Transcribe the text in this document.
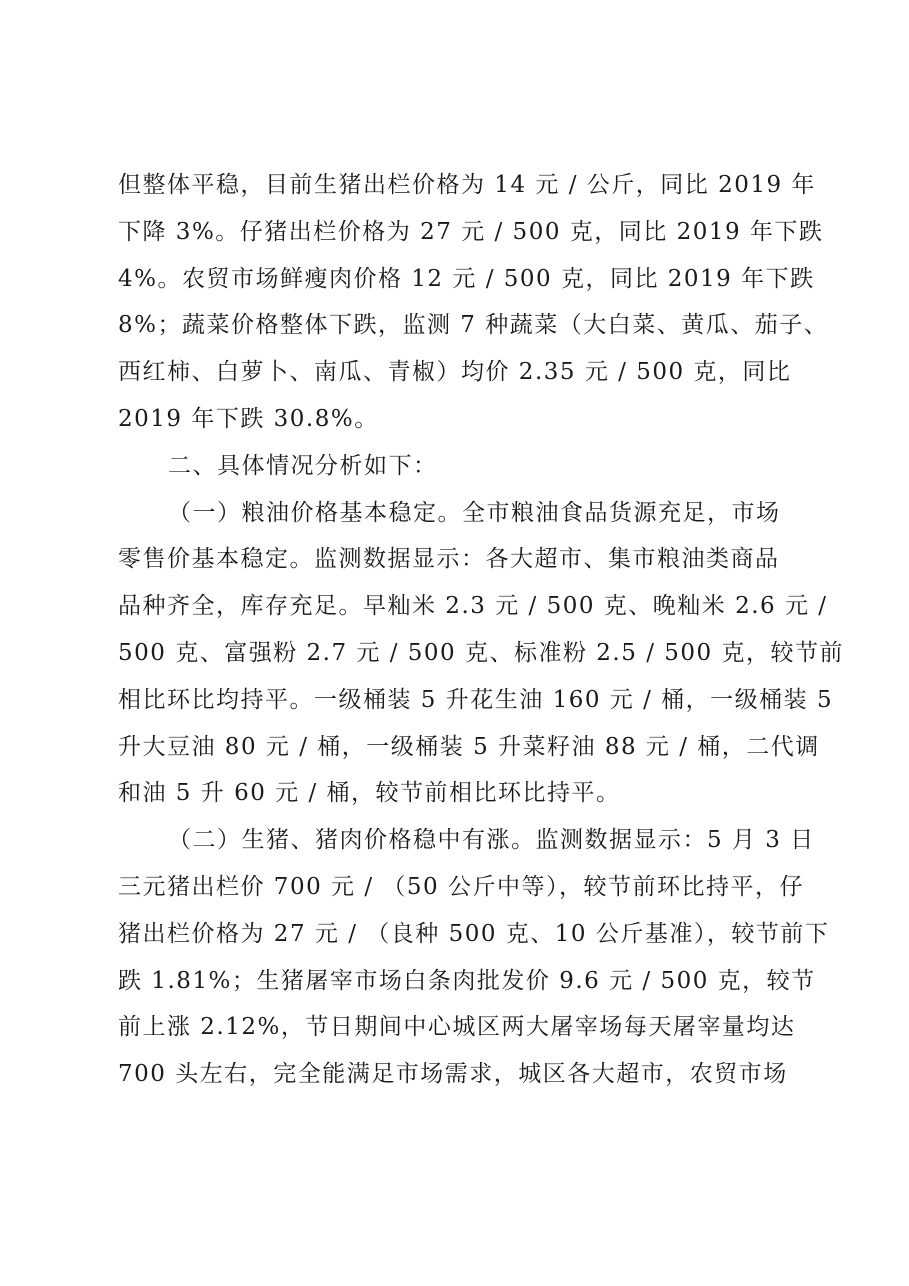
但整体平稳，目前生猪出栏价格为 14 元 / 公斤，同比 2019 年
下降 3%。仔猪出栏价格为 27 元 / 500 克，同比 2019 年下跌
4%。农贸市场鲜瘦肉价格 12 元 / 500 克，同比 2019 年下跌
8%；蔬菜价格整体下跌，监测 7 种蔬菜（大白菜、黄瓜、茄子、
西红柿、白萝卜、南瓜、青椒）均价 2.35 元 / 500 克，同比
2019 年下跌 30.8%。
二、具体情况分析如下：
（一）粮油价格基本稳定。全市粮油食品货源充足，市场
零售价基本稳定。监测数据显示：各大超市、集市粮油类商品
品种齐全，库存充足。早籼米 2.3 元 / 500 克、晚籼米 2.6 元 /
500 克、富强粉 2.7 元 / 500 克、标准粉 2.5 / 500 克，较节前
相比环比均持平。一级桶装 5 升花生油 160 元 / 桶，一级桶装 5
升大豆油 80 元 / 桶，一级桶装 5 升菜籽油 88 元 / 桶，二代调
和油 5 升 60 元 / 桶，较节前相比环比持平。
（二）生猪、猪肉价格稳中有涨。监测数据显示：5 月 3 日
三元猪出栏价 700 元 / （50 公斤中等），较节前环比持平，仔
猪出栏价格为 27 元 / （良种 500 克、10 公斤基准），较节前下
跌 1.81%；生猪屠宰市场白条肉批发价 9.6 元 / 500 克，较节
前上涨 2.12%，节日期间中心城区两大屠宰场每天屠宰量均达
700 头左右，完全能满足市场需求，城区各大超市，农贸市场
